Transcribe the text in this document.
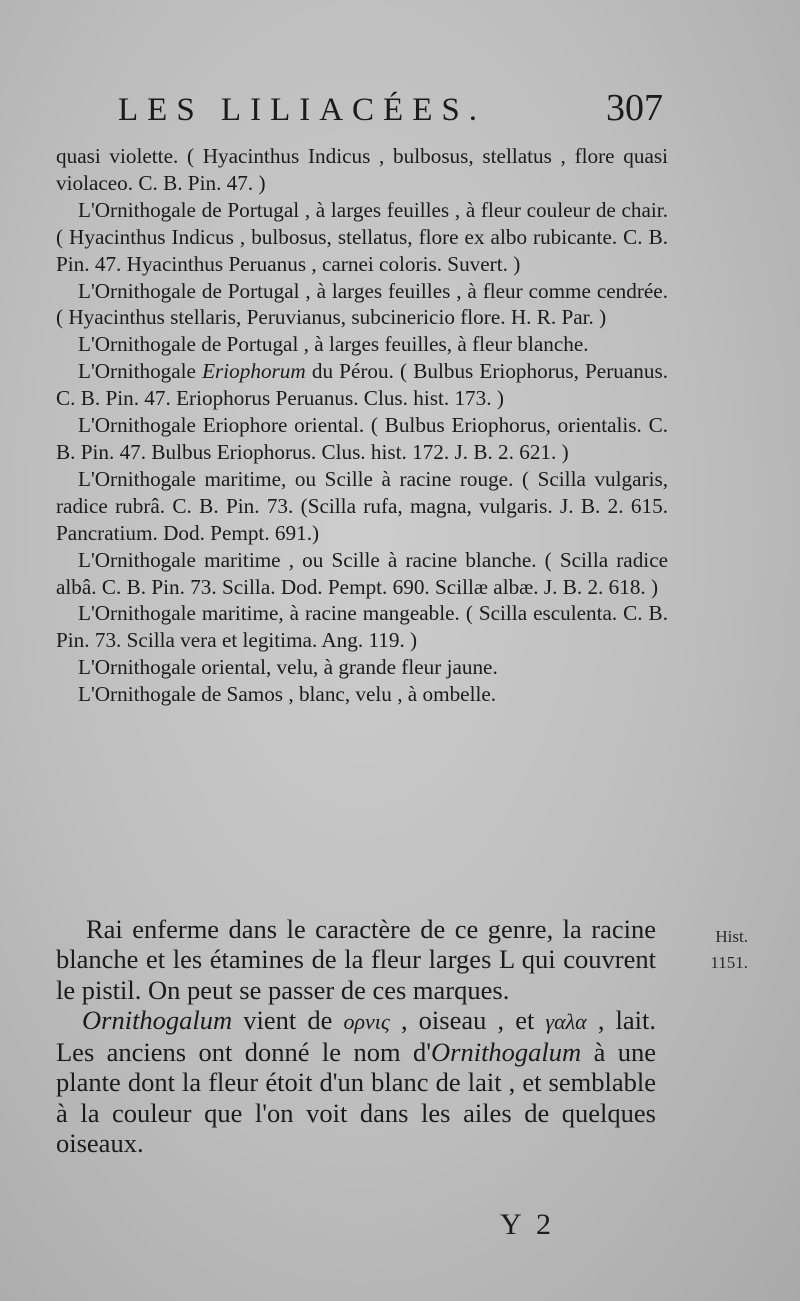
LES LILIACÉES.	307

quasi violette. ( Hyacinthus Indicus , bulbosus, stellatus , flore quasi violaceo. C. B. Pin. 47. )

L'Ornithogale de Portugal , à larges feuilles , à fleur couleur de chair. ( Hyacinthus Indicus , bulbosus, stellatus, flore ex albo rubicante. C. B. Pin. 47. Hyacinthus Peruanus , carnei coloris. Suvert. )

L'Ornithogale de Portugal , à larges feuilles , à fleur comme cendrée. ( Hyacinthus stellaris, Peruvianus, subcinericio flore. H. R. Par. )

L'Ornithogale de Portugal , à larges feuilles, à fleur blanche.

L'Ornithogale Eriophorum du Pérou. ( Bulbus Eriophorus, Peruanus. C. B. Pin. 47. Eriophorus Peruanus. Clus. hist. 173. )

L'Ornithogale Eriophore oriental. ( Bulbus Eriophorus, orientalis. C. B. Pin. 47. Bulbus Eriophorus. Clus. hist. 172. J. B. 2. 621. )

L'Ornithogale maritime, ou Scille à racine rouge. ( Scilla vulgaris, radice rubrâ. C. B. Pin. 73. (Scilla rufa, magna, vulgaris. J. B. 2. 615. Pancratium. Dod. Pempt. 691.)

L'Ornithogale maritime , ou Scille à racine blanche. ( Scilla radice albâ. C. B. Pin. 73. Scilla. Dod. Pempt. 690. Scillæ albæ. J. B. 2. 618. )

L'Ornithogale maritime, à racine mangeable. ( Scilla esculenta. C. B. Pin. 73. Scilla vera et legitima. Ang. 119. )

L'Ornithogale oriental, velu, à grande fleur jaune.

L'Ornithogale de Samos , blanc, velu , à ombelle.

Rai enferme dans le caractère de ce genre, la racine blanche et les étamines de la fleur larges L qui couvrent le pistil. On peut se passer de ces marques.

Ornithogalum vient de ορνις , oiseau , et γαλα , lait. Les anciens ont donné le nom d'Ornithogalum à une plante dont la fleur étoit d'un blanc de lait , et semblable à la couleur que l'on voit dans les ailes de quelques oiseaux.

Hist.
1151.
Y 2
